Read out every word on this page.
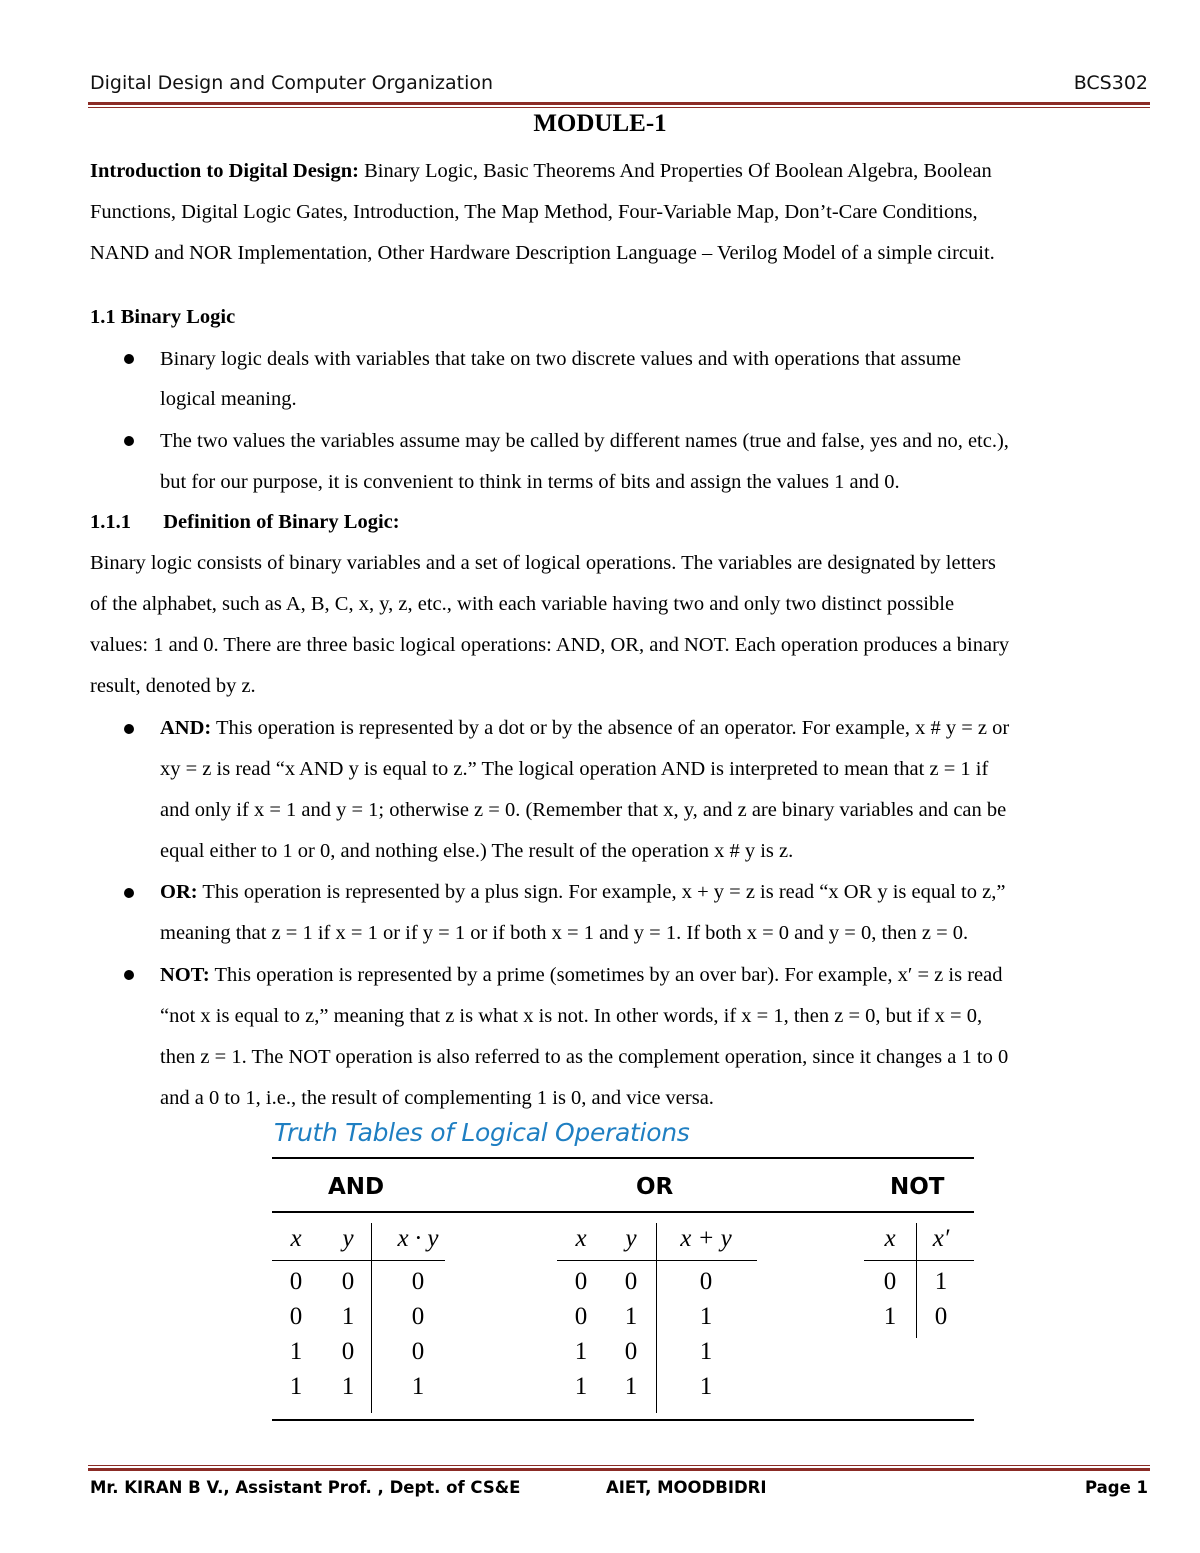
Digital Design and Computer Organization	BCS302
MODULE-1
Introduction to Digital Design: Binary Logic, Basic Theorems And Properties Of Boolean Algebra, Boolean
Functions, Digital Logic Gates, Introduction, The Map Method, Four-Variable Map, Don’t-Care Conditions,
NAND and NOR Implementation, Other Hardware Description Language – Verilog Model of a simple circuit.
1.1 Binary Logic
Binary logic deals with variables that take on two discrete values and with operations that assume
logical meaning.
The two values the variables assume may be called by different names (true and false, yes and no, etc.),
but for our purpose, it is convenient to think in terms of bits and assign the values 1 and 0.
1.1.1 Definition of Binary Logic:
Binary logic consists of binary variables and a set of logical operations. The variables are designated by letters
of the alphabet, such as A, B, C, x, y, z, etc., with each variable having two and only two distinct possible
values: 1 and 0. There are three basic logical operations: AND, OR, and NOT. Each operation produces a binary
result, denoted by z.
AND: This operation is represented by a dot or by the absence of an operator. For example, x # y = z or
xy = z is read “x AND y is equal to z.” The logical operation AND is interpreted to mean that z = 1 if
and only if x = 1 and y = 1; otherwise z = 0. (Remember that x, y, and z are binary variables and can be
equal either to 1 or 0, and nothing else.) The result of the operation x # y is z.
OR: This operation is represented by a plus sign. For example, x + y = z is read “x OR y is equal to z,”
meaning that z = 1 if x = 1 or if y = 1 or if both x = 1 and y = 1. If both x = 0 and y = 0, then z = 0.
NOT: This operation is represented by a prime (sometimes by an over bar). For example, x′ = z is read
“not x is equal to z,” meaning that z is what x is not. In other words, if x = 1, then z = 0, but if x = 0,
then z = 1. The NOT operation is also referred to as the complement operation, since it changes a 1 to 0
and a 0 to 1, i.e., the result of complementing 1 is 0, and vice versa.
Truth Tables of Logical Operations
AND	OR	NOT
x	y	x · y
0	0	0
0	1	0
1	0	0
1	1	1
x	y	x + y
0	0	0
0	1	1
1	0	1
1	1	1
x	x′
0	1
1	0
Mr. KIRAN B V., Assistant Prof. , Dept. of CS&E	AIET, MOODBIDRI	Page 1
